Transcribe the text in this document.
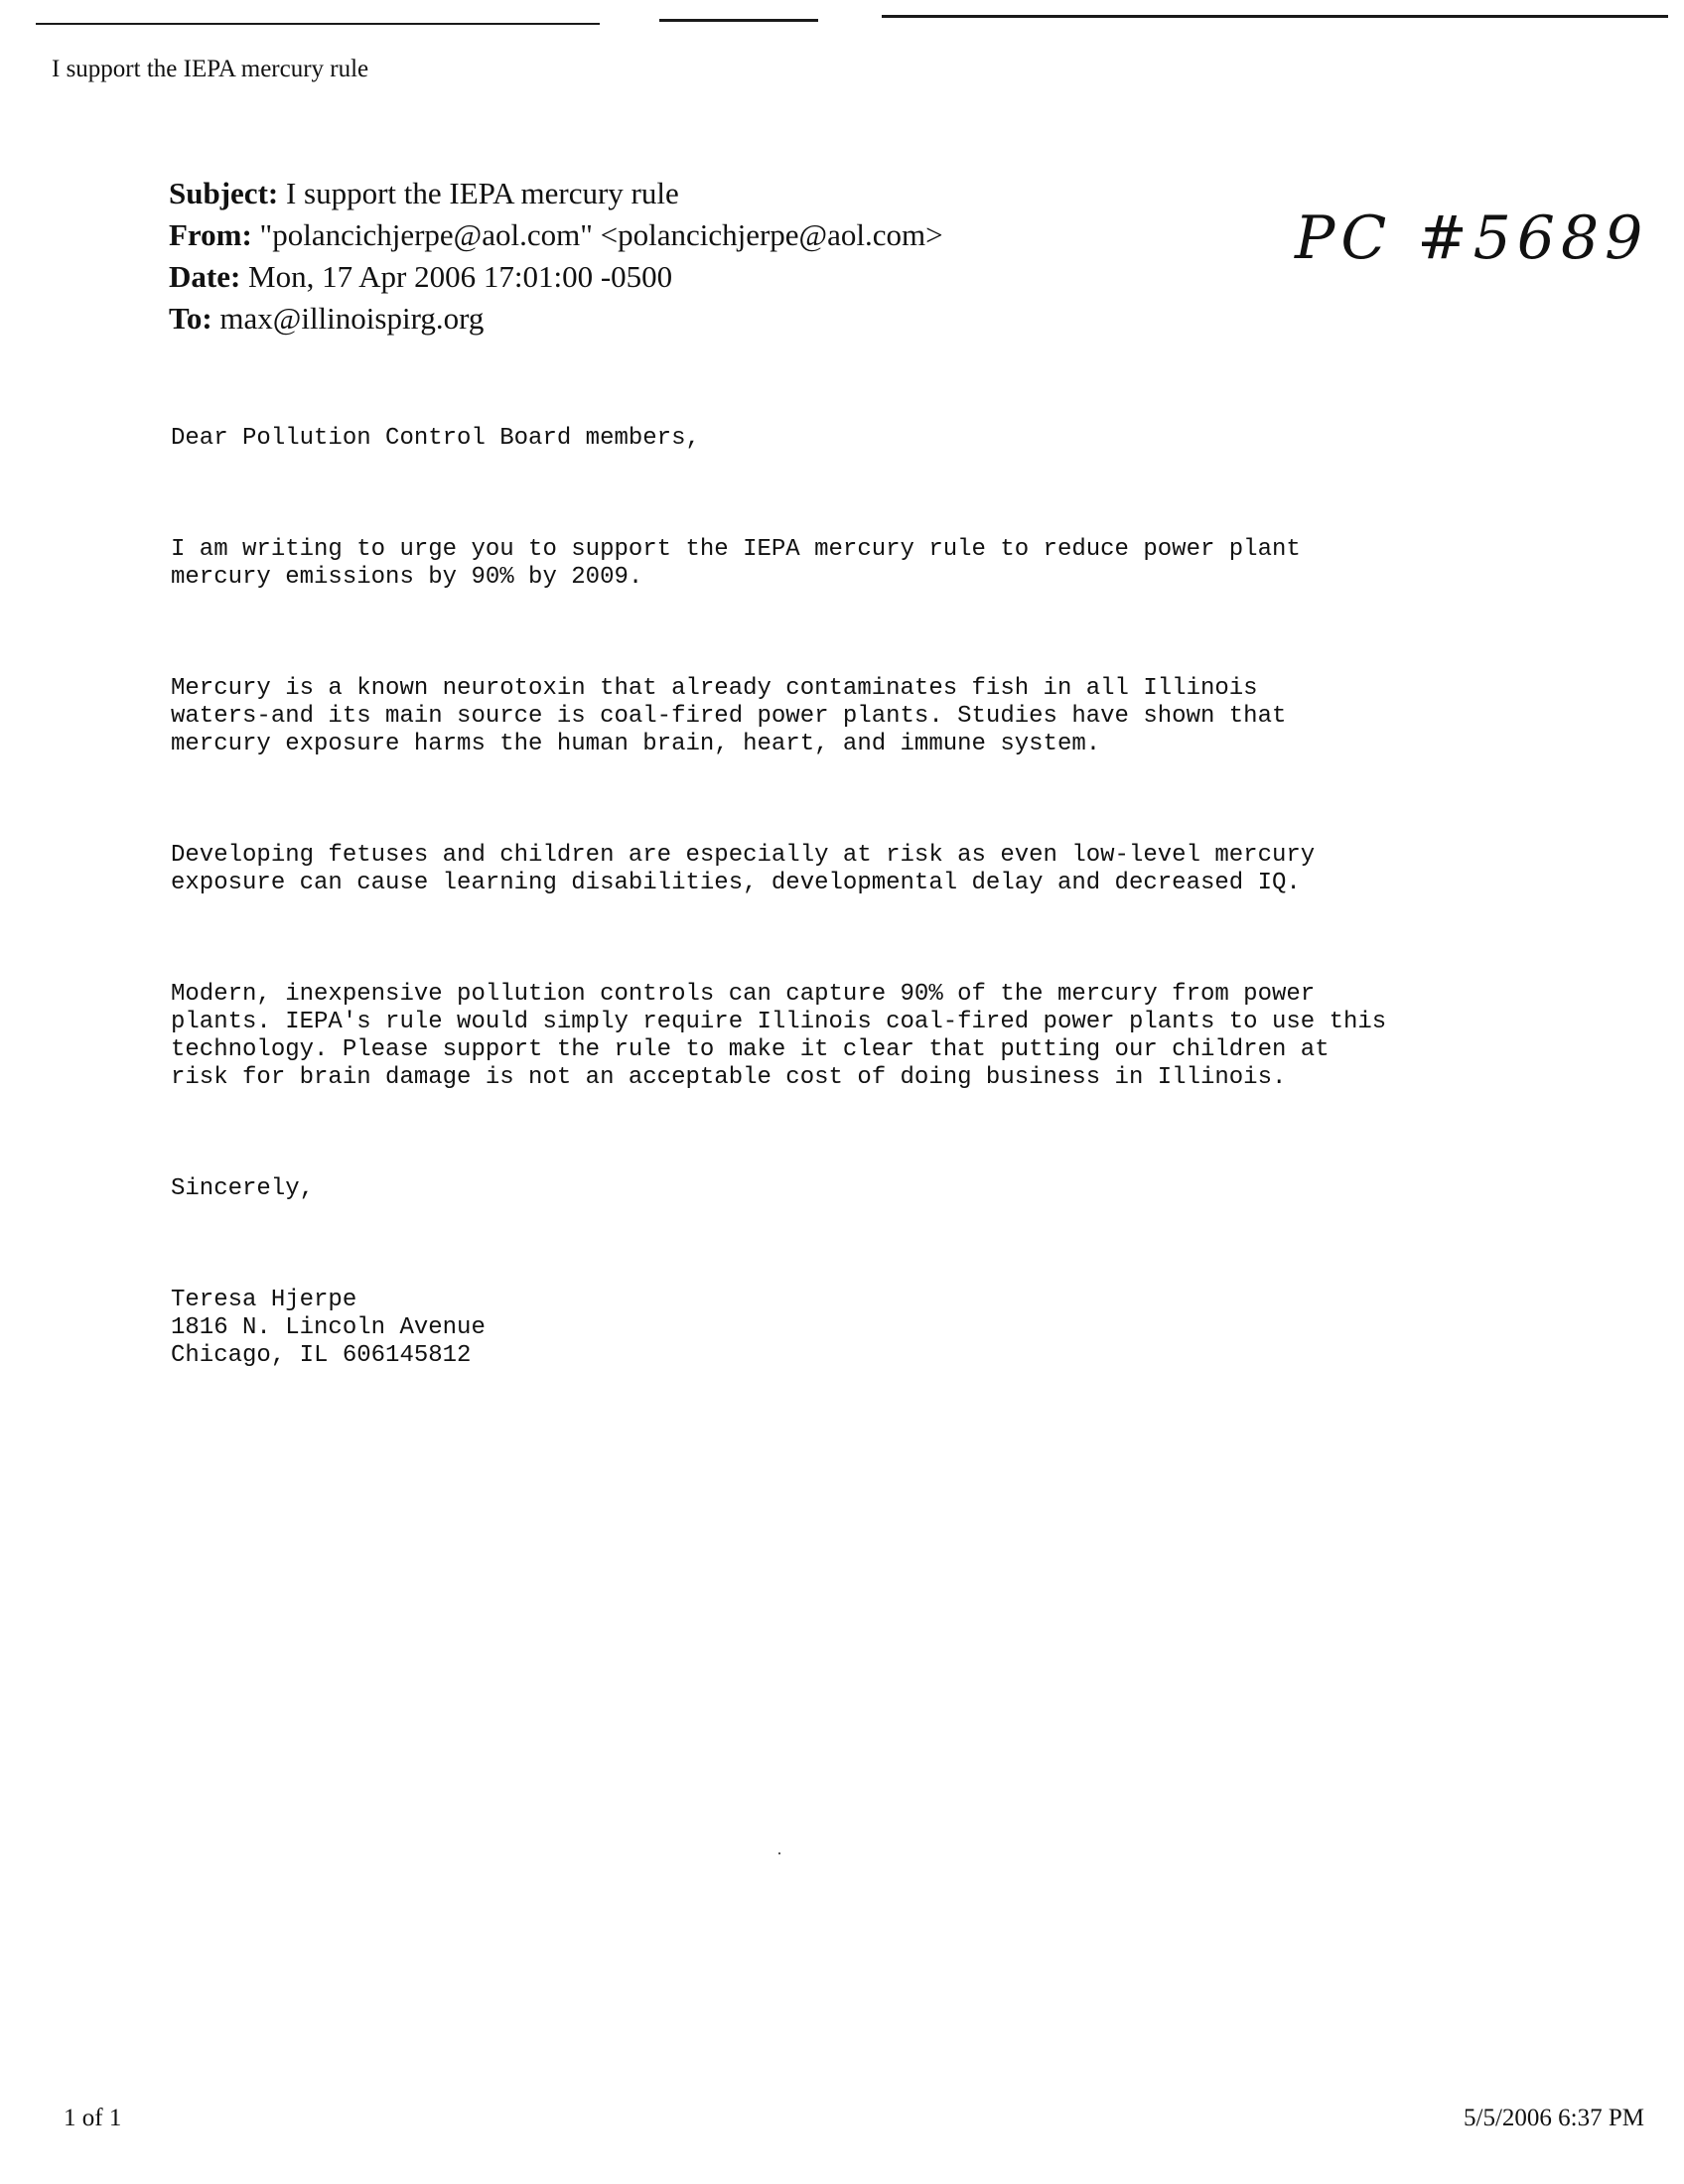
I support the IEPA mercury rule
Subject: I support the IEPA mercury rule
From: "polancichjerpe@aol.com" <polancichjerpe@aol.com>
Date: Mon, 17 Apr 2006 17:01:00 -0500
To: max@illinoispirg.org
PC #5689

Dear Pollution Control Board members,

I am writing to urge you to support the IEPA mercury rule to reduce power plant
mercury emissions by 90% by 2009.

Mercury is a known neurotoxin that already contaminates fish in all Illinois
waters-and its main source is coal-fired power plants. Studies have shown that
mercury exposure harms the human brain, heart, and immune system.

Developing fetuses and children are especially at risk as even low-level mercury
exposure can cause learning disabilities, developmental delay and decreased IQ.

Modern, inexpensive pollution controls can capture 90% of the mercury from power
plants. IEPA's rule would simply require Illinois coal-fired power plants to use this
technology. Please support the rule to make it clear that putting our children at
risk for brain damage is not an acceptable cost of doing business in Illinois.

Sincerely,

Teresa Hjerpe
1816 N. Lincoln Avenue
Chicago, IL 606145812

1 of 1	5/5/2006 6:37 PM
